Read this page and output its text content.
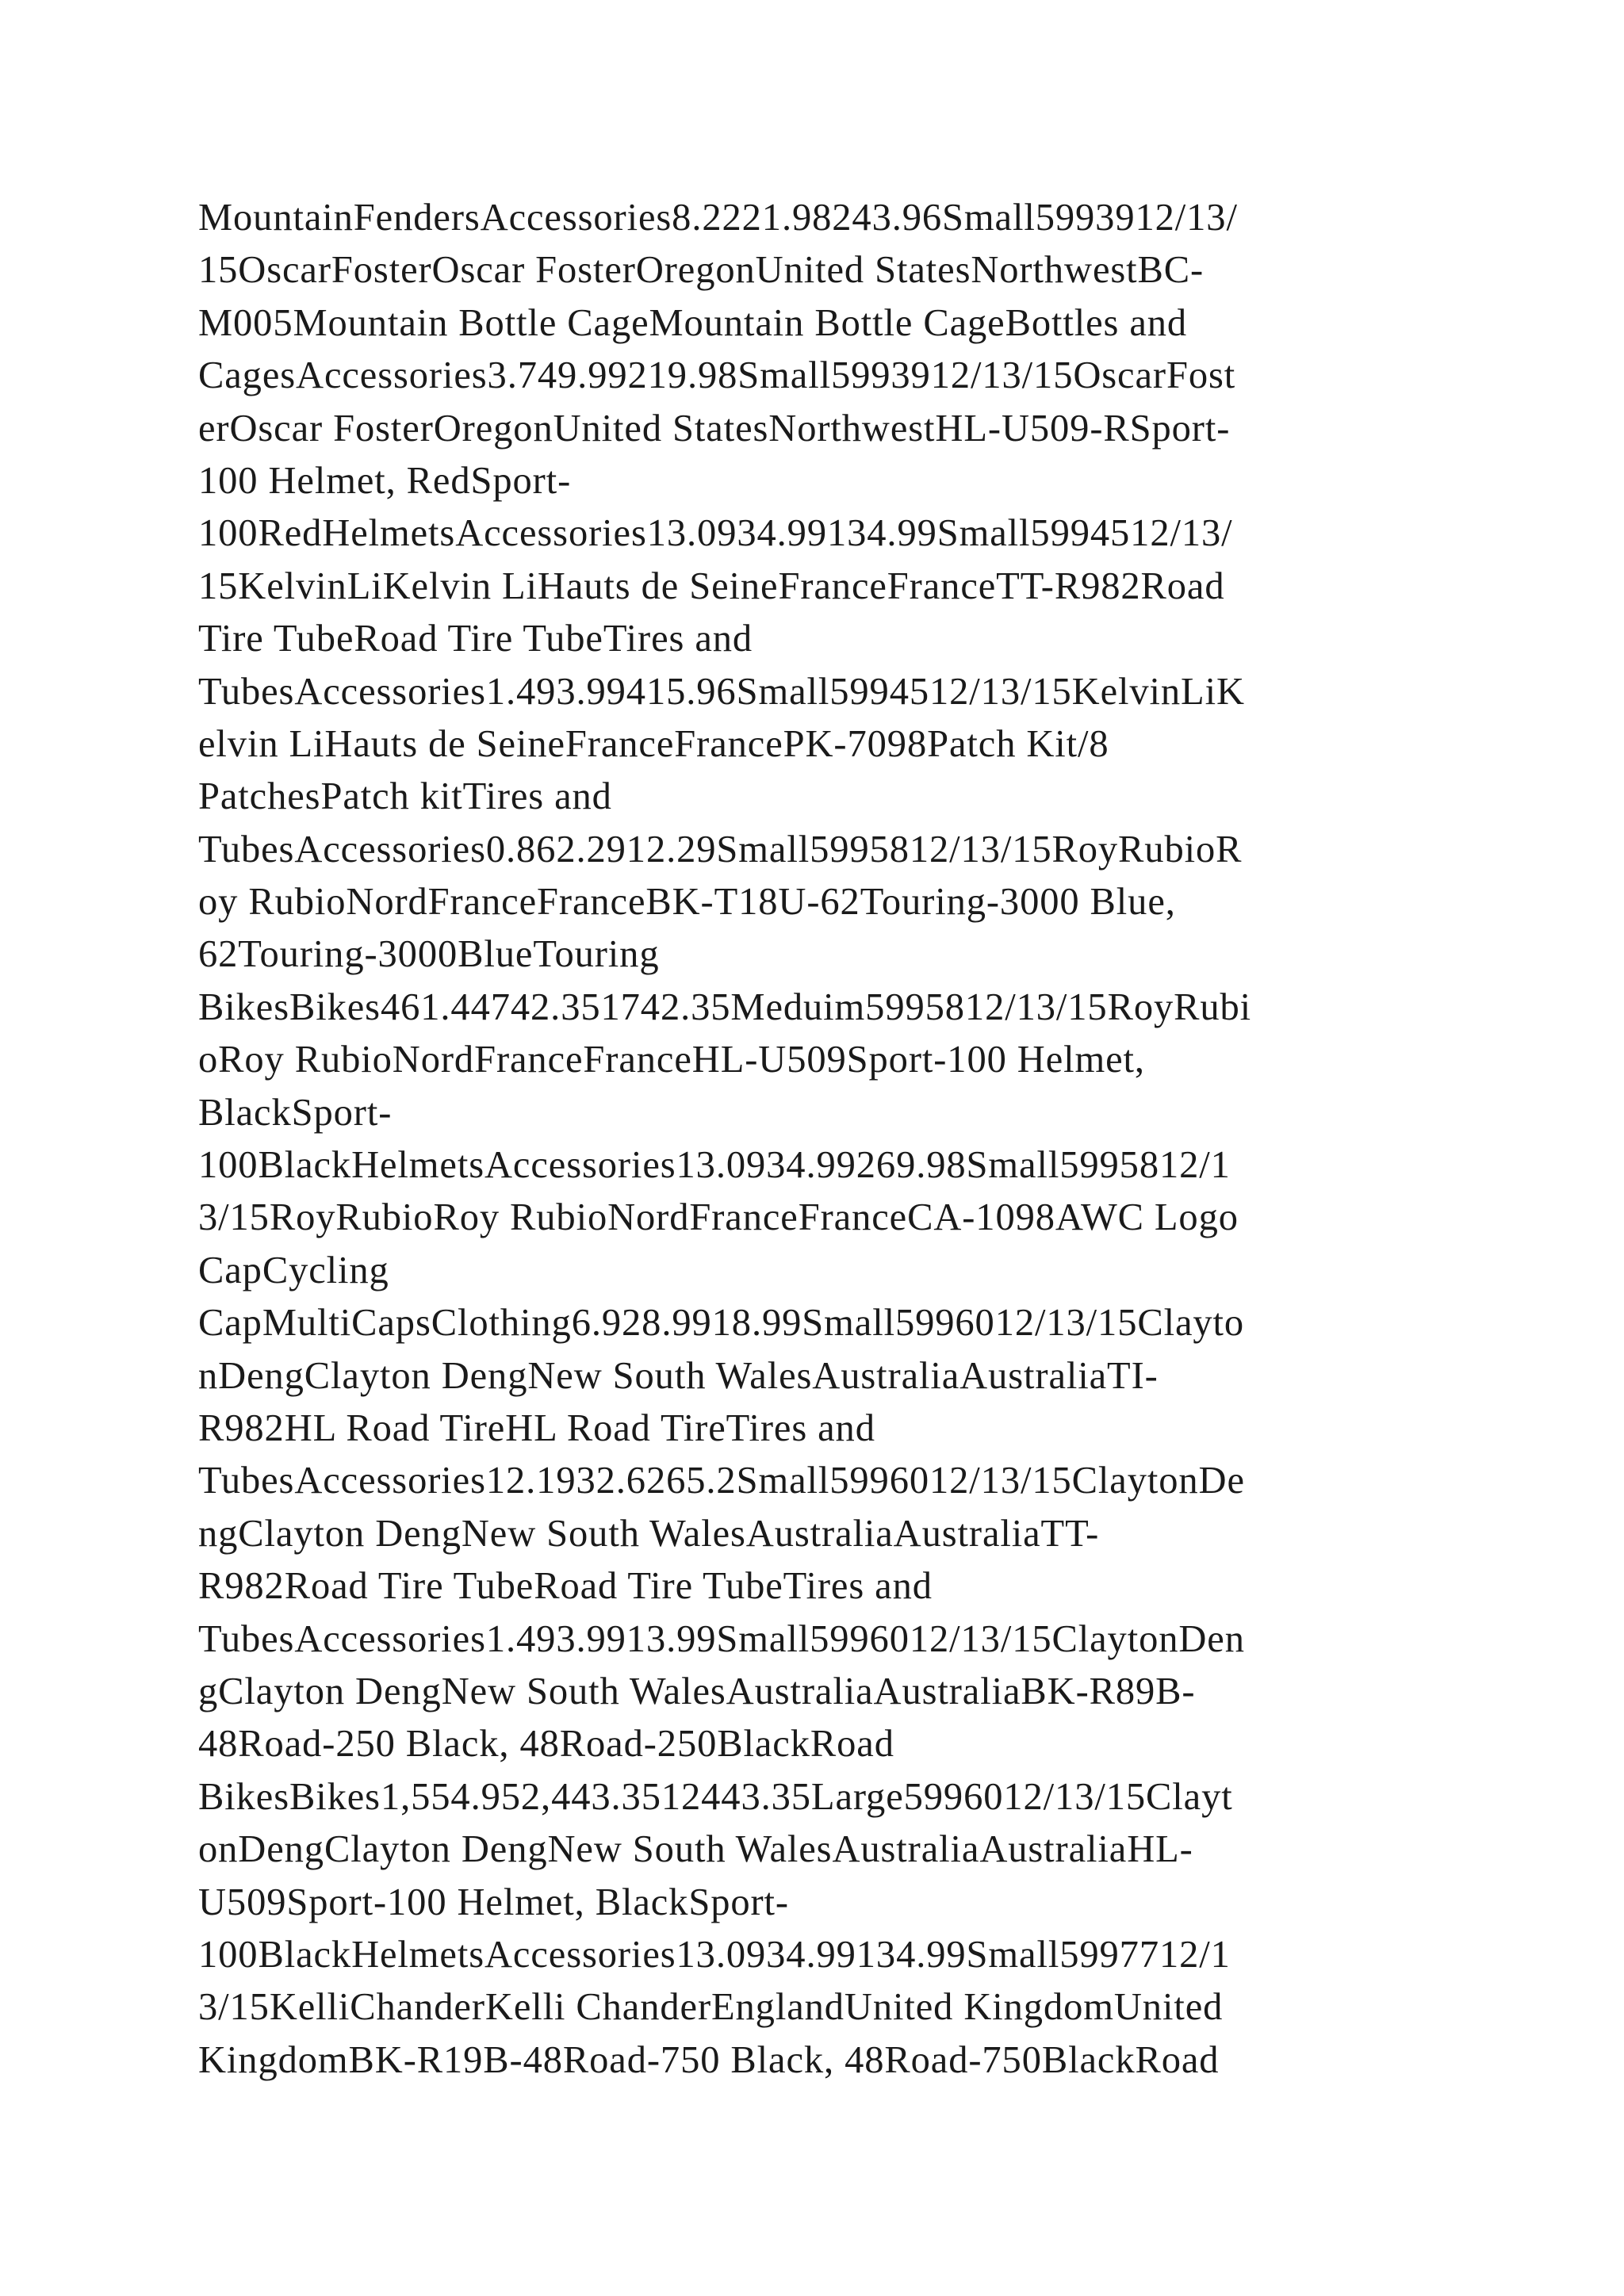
MountainFendersAccessories8.2221.98243.96Small5993912/13/
15OscarFosterOscar FosterOregonUnited StatesNorthwestBC-
M005Mountain Bottle CageMountain Bottle CageBottles and
CagesAccessories3.749.99219.98Small5993912/13/15OscarFost
erOscar FosterOregonUnited StatesNorthwestHL-U509-RSport-
100 Helmet, RedSport-
100RedHelmetsAccessories13.0934.99134.99Small5994512/13/
15KelvinLiKelvin LiHauts de SeineFranceFranceTT-R982Road
Tire TubeRoad Tire TubeTires and
TubesAccessories1.493.99415.96Small5994512/13/15KelvinLiK
elvin LiHauts de SeineFranceFrancePK-7098Patch Kit/8
PatchesPatch kitTires and
TubesAccessories0.862.2912.29Small5995812/13/15RoyRubioR
oy RubioNordFranceFranceBK-T18U-62Touring-3000 Blue,
62Touring-3000BlueTouring
BikesBikes461.44742.351742.35Meduim5995812/13/15RoyRubi
oRoy RubioNordFranceFranceHL-U509Sport-100 Helmet,
BlackSport-
100BlackHelmetsAccessories13.0934.99269.98Small5995812/1
3/15RoyRubioRoy RubioNordFranceFranceCA-1098AWC Logo
CapCycling
CapMultiCapsClothing6.928.9918.99Small5996012/13/15Clayto
nDengClayton DengNew South WalesAustraliaAustraliaTI-
R982HL Road TireHL Road TireTires and
TubesAccessories12.1932.6265.2Small5996012/13/15ClaytonDe
ngClayton DengNew South WalesAustraliaAustraliaTT-
R982Road Tire TubeRoad Tire TubeTires and
TubesAccessories1.493.9913.99Small5996012/13/15ClaytonDen
gClayton DengNew South WalesAustraliaAustraliaBK-R89B-
48Road-250 Black, 48Road-250BlackRoad
BikesBikes1,554.952,443.3512443.35Large5996012/13/15Clayt
onDengClayton DengNew South WalesAustraliaAustraliaHL-
U509Sport-100 Helmet, BlackSport-
100BlackHelmetsAccessories13.0934.99134.99Small5997712/1
3/15KelliChanderKelli ChanderEnglandUnited KingdomUnited
KingdomBK-R19B-48Road-750 Black, 48Road-750BlackRoad
